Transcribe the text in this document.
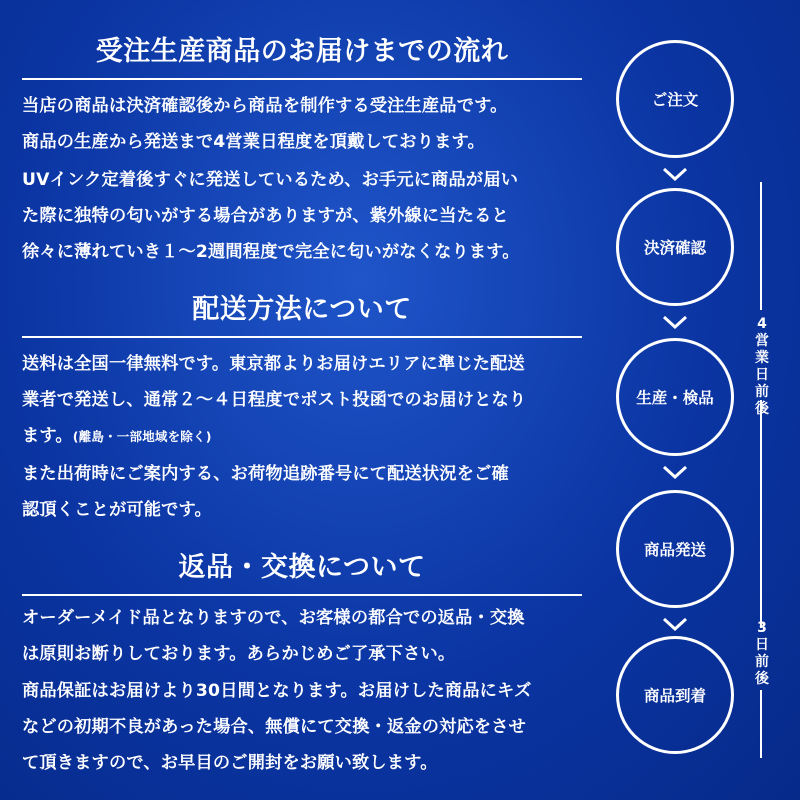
受注生産商品のお届けまでの流れ

当店の商品は決済確認後から商品を制作する受注生産品です。
商品の生産から発送まで4営業日程度を頂戴しております。

UVインク定着後すぐに発送しているため、お手元に商品が届い
た際に独特の匂いがする場合がありますが、紫外線に当たると
徐々に薄れていき１〜2週間程度で完全に匂いがなくなります。

配送方法について
送料は全国一律無料です。東京都よりお届けエリアに準じた配送
業者で発送し、通常２〜４日程度でポスト投函でのお届けとなり
ます。(離島・一部地域を除く)

また出荷時にご案内する、お荷物追跡番号にて配送状況をご確
認頂くことが可能です。

返品・交換について

オーダーメイド品となりますので、お客様の都合での返品・交換
は原則お断りしております。あらかじめご了承下さい。

商品保証はお届けより30日間となります。お届けした商品にキズ
などの初期不良があった場合、無償にて交換・返金の対応をさせ
て頂きますので、お早目のご開封をお願い致します。

ご注文
決済確認
生産・検品
商品発送
商品到着
4
営
業
日
前
後
3
日
前
後
